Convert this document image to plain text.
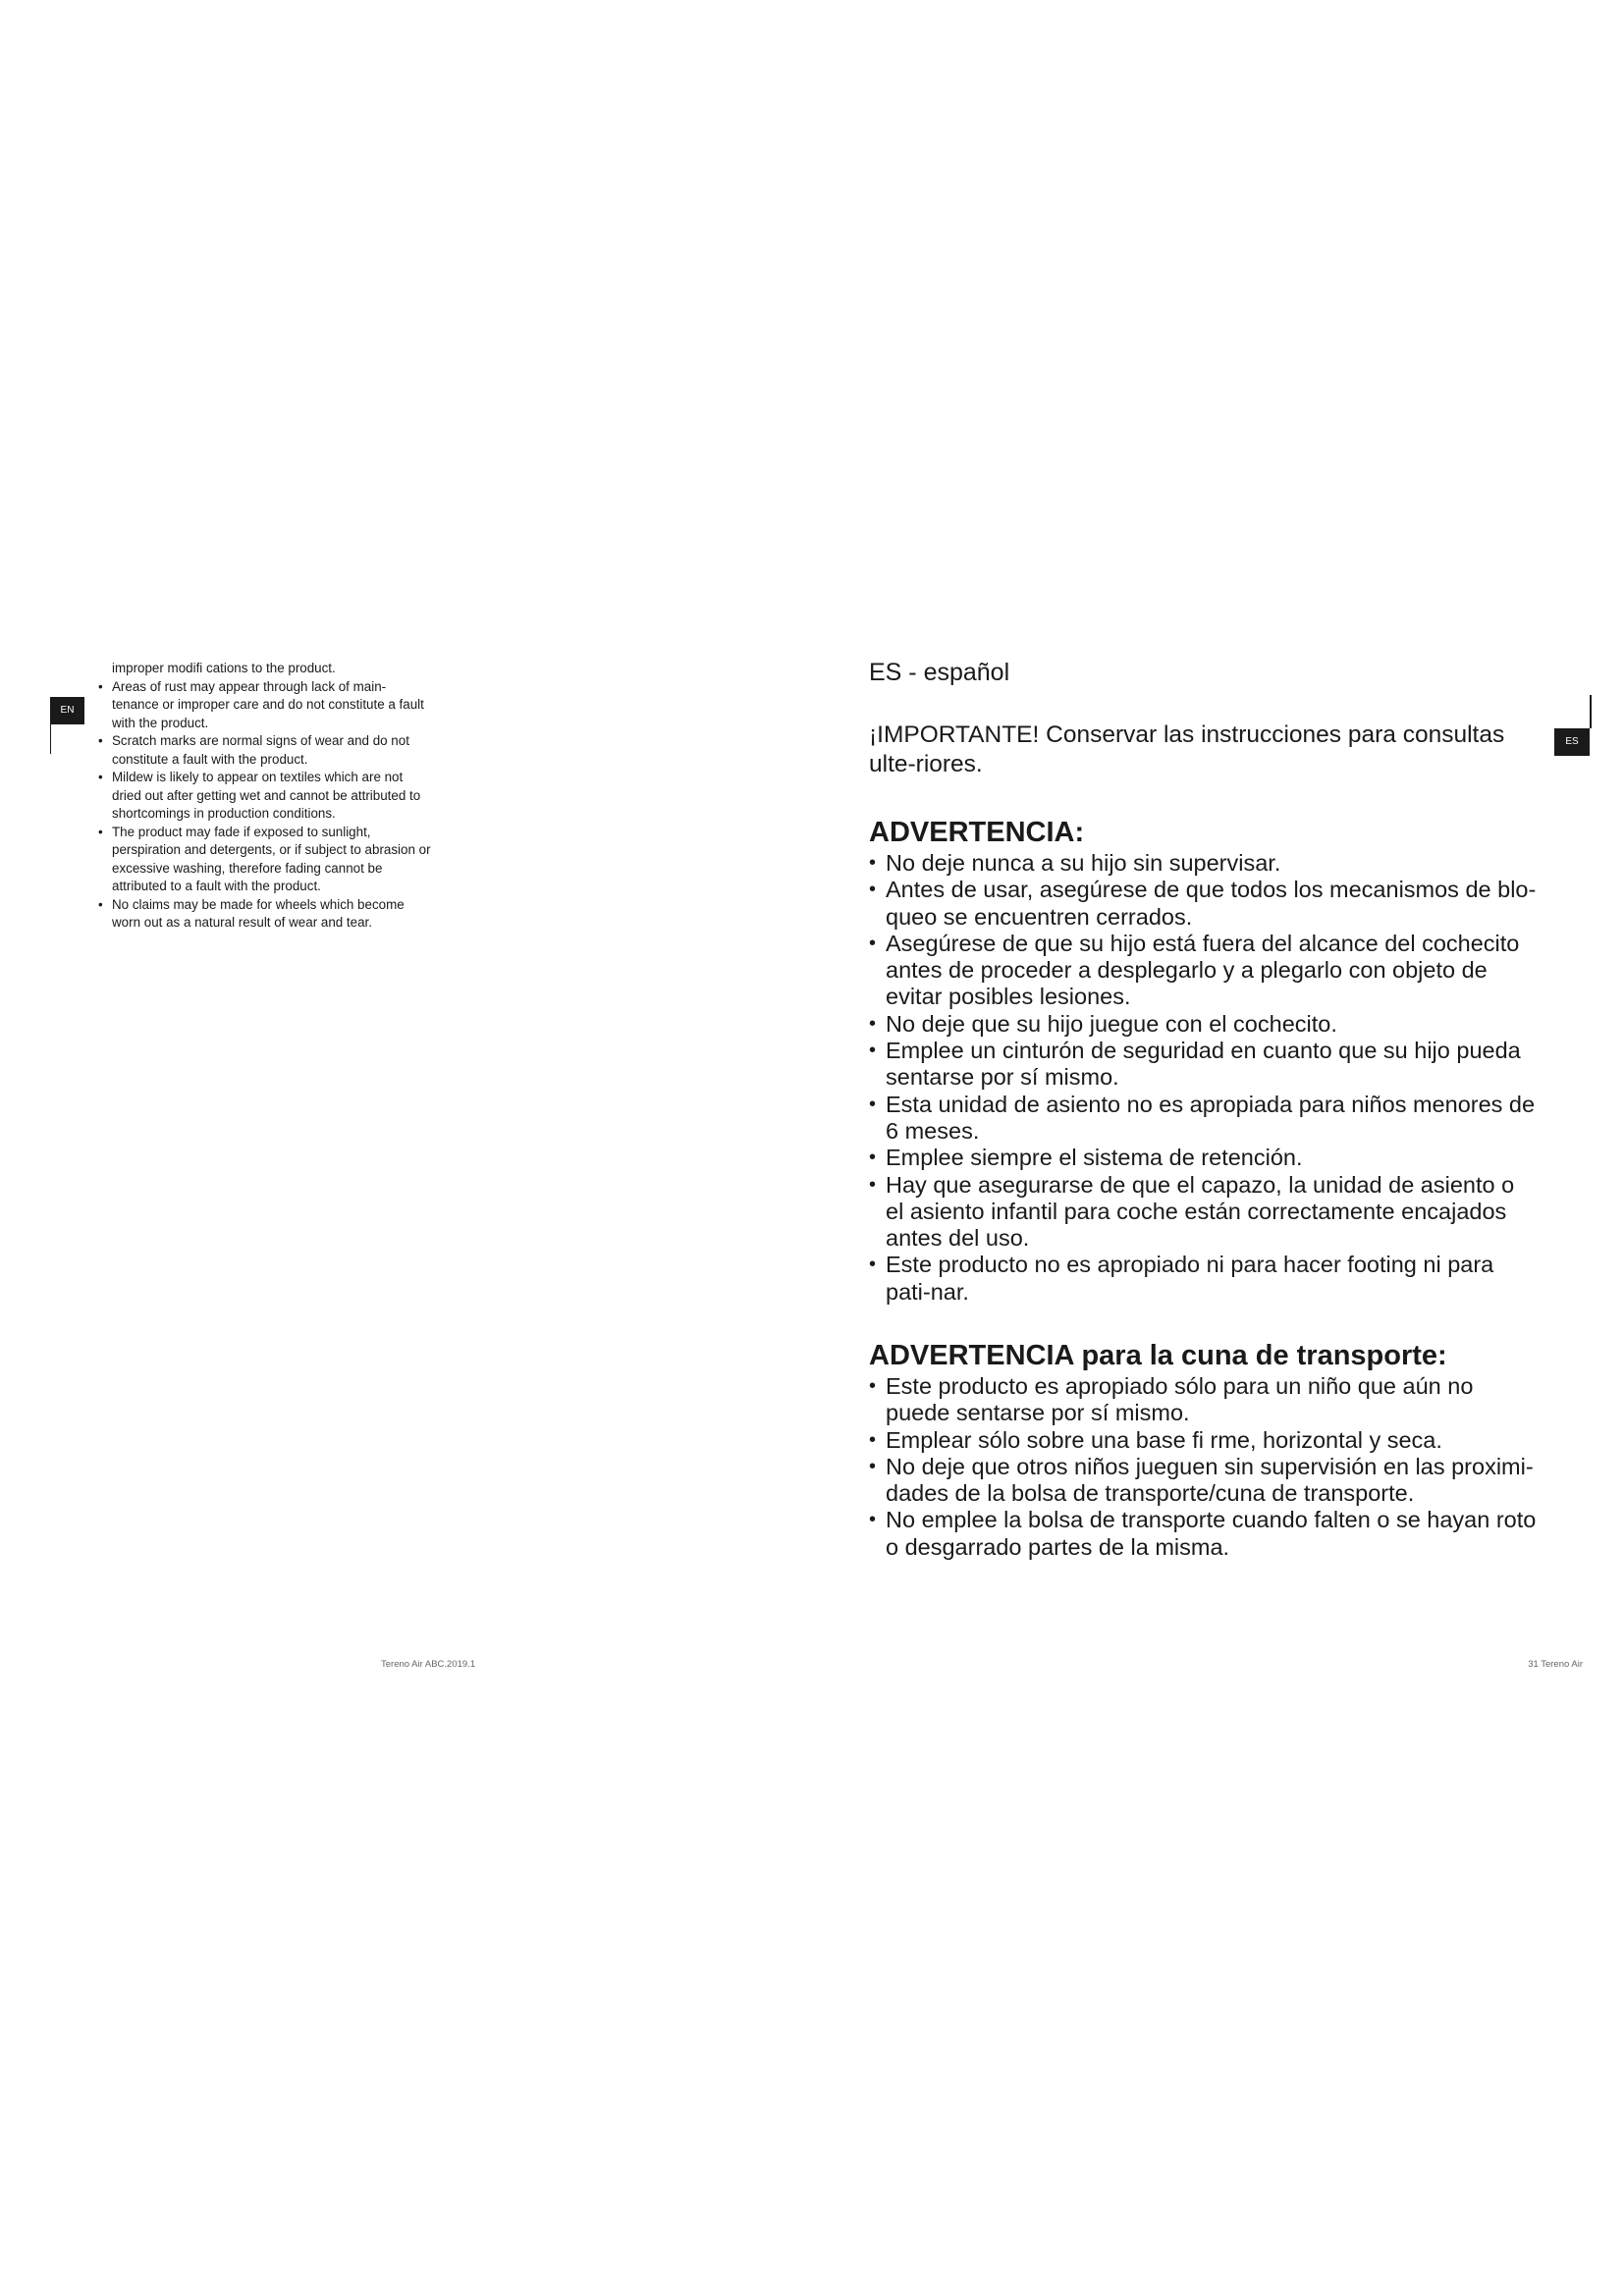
EN
improper modifi cations to the product.
• Areas of rust may appear through lack of main-tenance or improper care and do not constitute a fault with the product.
• Scratch marks are normal signs of wear and do not constitute a fault with the product.
• Mildew is likely to appear on textiles which are not dried out after getting wet and cannot be attributed to shortcomings in production conditions.
• The product may fade if exposed to sunlight, perspiration and detergents, or if subject to abrasion or excessive washing, therefore fading cannot be attributed to a fault with the product.
• No claims may be made for wheels which become worn out as a natural result of wear and tear.
Tereno Air ABC.2019.1
ES
ES - español
¡IMPORTANTE! Conservar las instrucciones para consultas ulte-riores.
ADVERTENCIA:
• No deje nunca a su hijo sin supervisar.
• Antes de usar, asegúrese de que todos los mecanismos de blo-queo se encuentren cerrados.
• Asegúrese de que su hijo está fuera del alcance del cochecito antes de proceder a desplegarlo y a plegarlo con objeto de evitar posibles lesiones.
• No deje que su hijo juegue con el cochecito.
• Emplee un cinturón de seguridad en cuanto que su hijo pueda sentarse por sí mismo.
• Esta unidad de asiento no es apropiada para niños menores de 6 meses.
• Emplee siempre el sistema de retención.
• Hay que asegurarse de que el capazo, la unidad de asiento o el asiento infantil para coche están correctamente encajados antes del uso.
• Este producto no es apropiado ni para hacer footing ni para pati-nar.
ADVERTENCIA para la cuna de transporte:
• Este producto es apropiado sólo para un niño que aún no puede sentarse por sí mismo.
• Emplear sólo sobre una base fi rme, horizontal y seca.
• No deje que otros niños jueguen sin supervisión en las proximi-dades de la bolsa de transporte/cuna de transporte.
• No emplee la bolsa de transporte cuando falten o se hayan roto o desgarrado partes de la misma.
31 Tereno Air
